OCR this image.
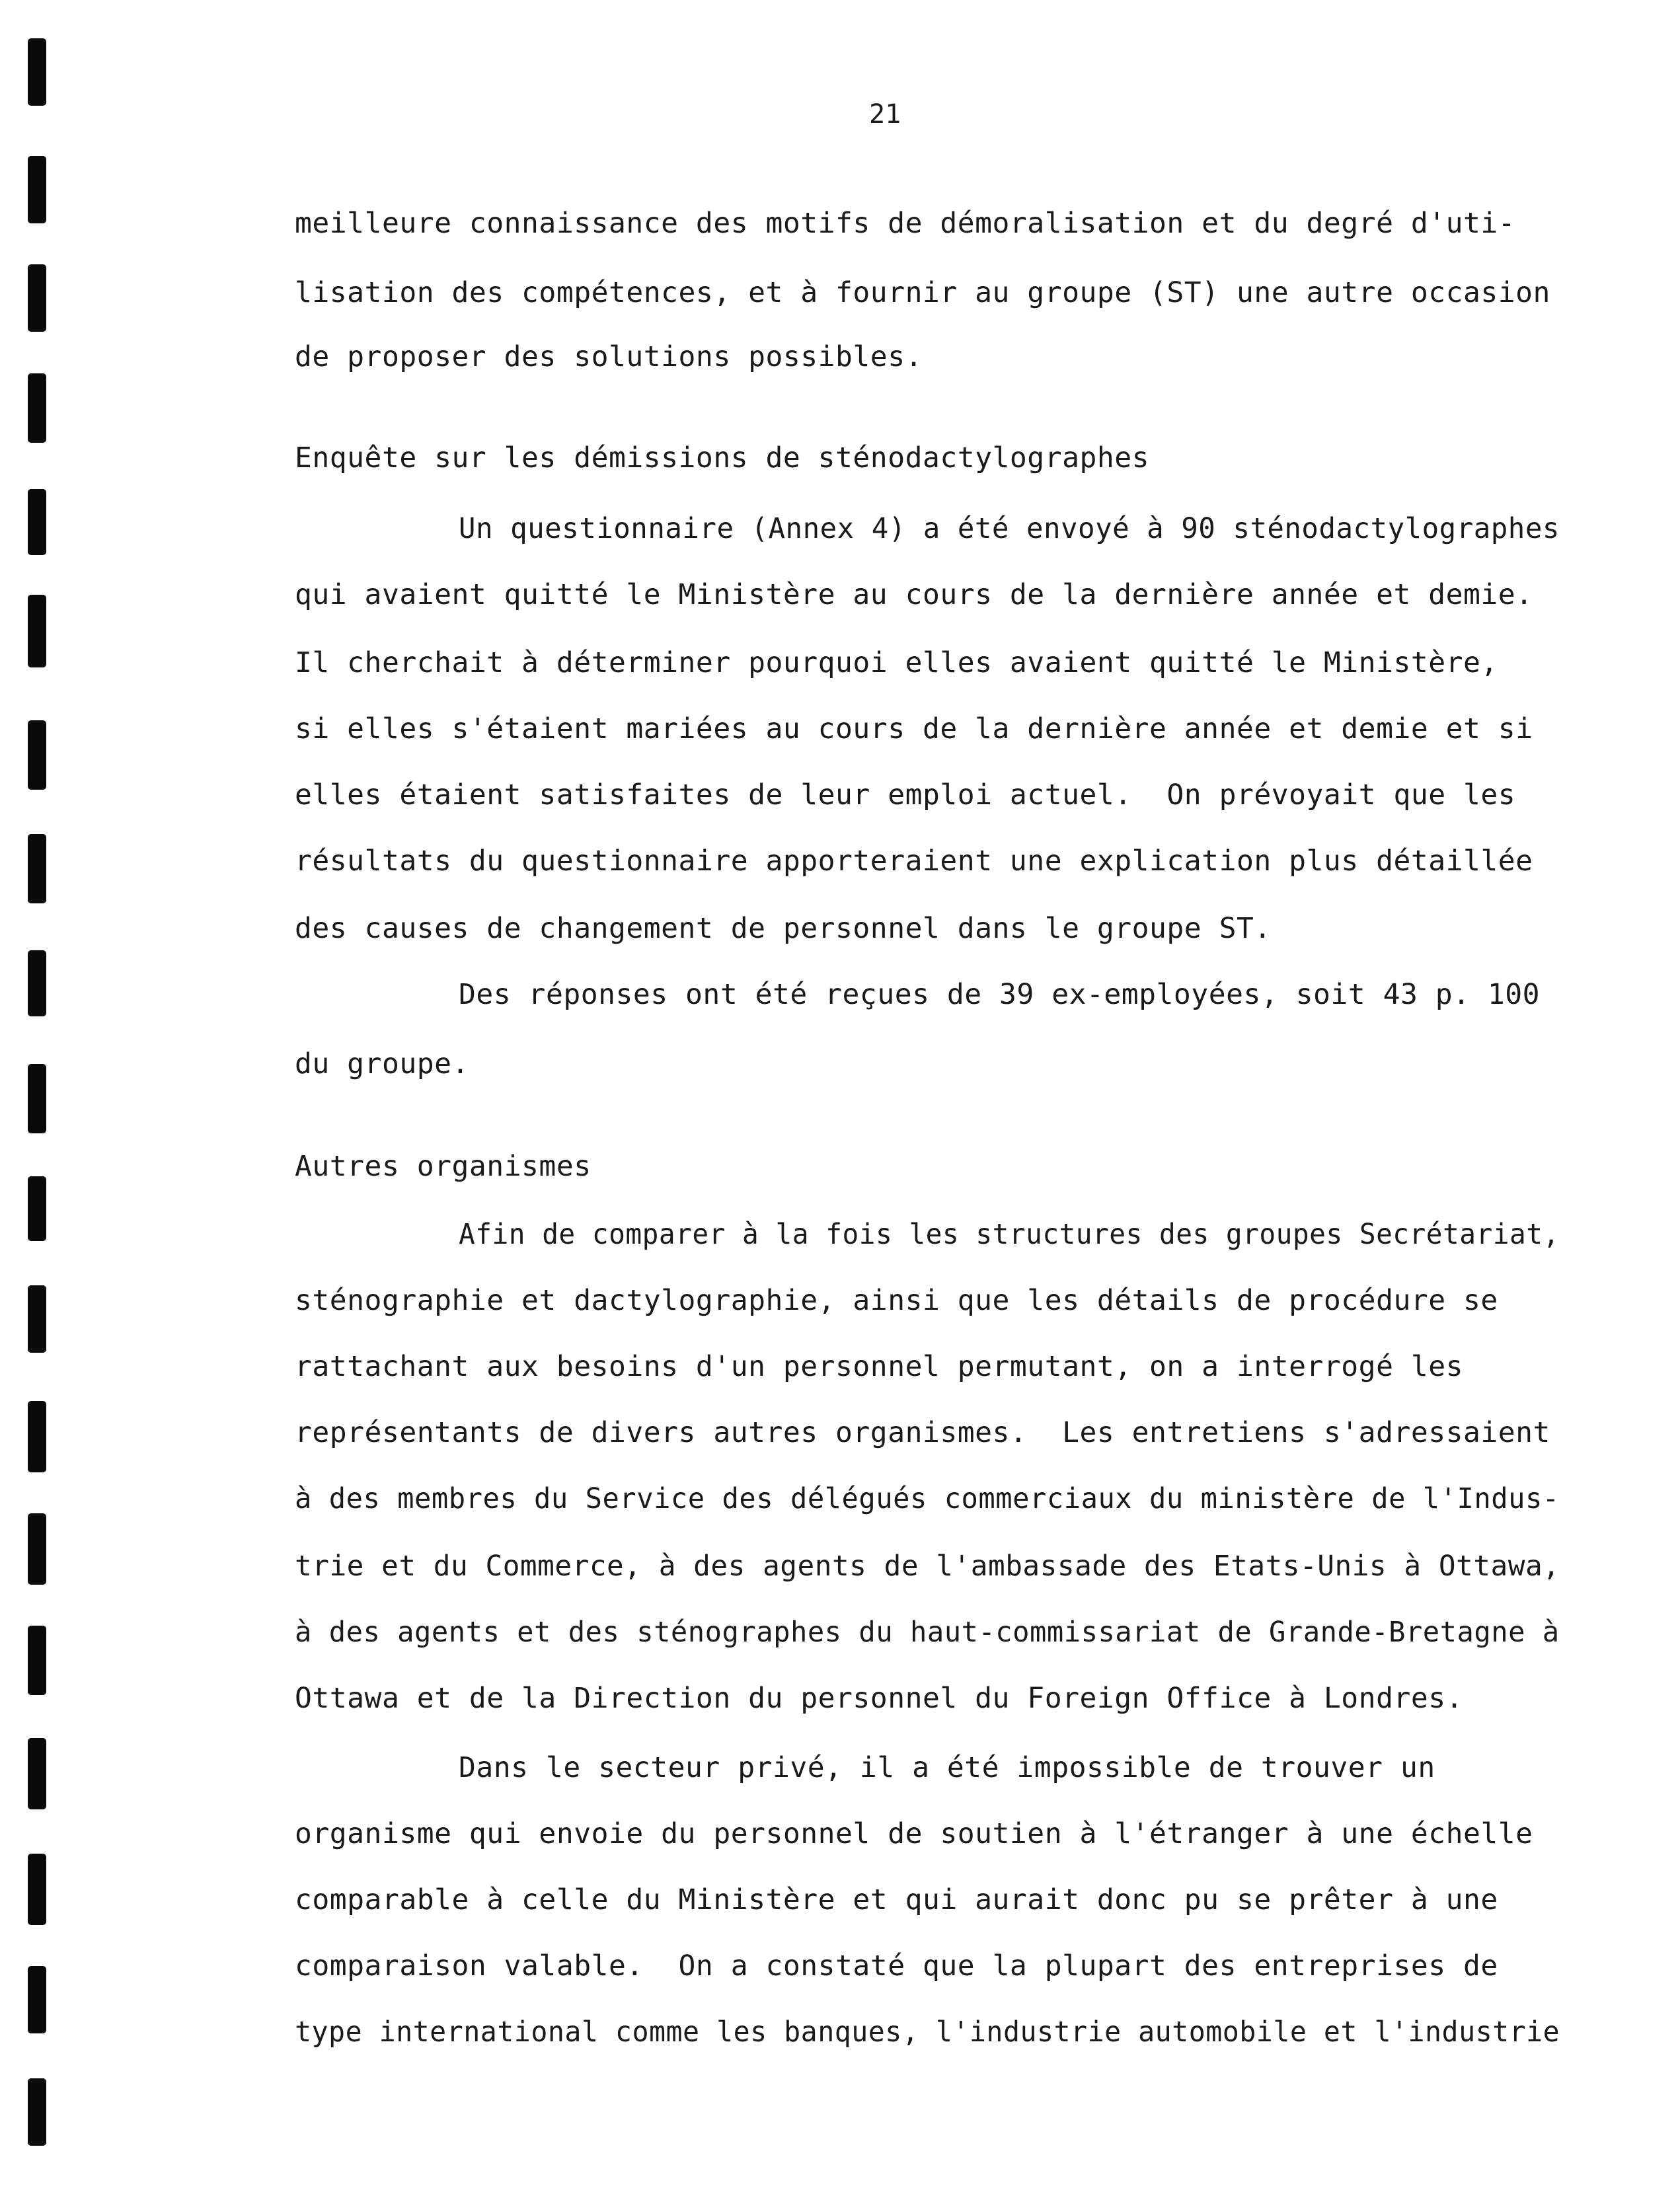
21
meilleure connaissance des motifs de démoralisation et du degré d'uti-
lisation des compétences, et à fournir au groupe (ST) une autre occasion
de proposer des solutions possibles.
Enquête sur les démissions de sténodactylographes
Un questionnaire (Annex 4) a été envoyé à 90 sténodactylographes
qui avaient quitté le Ministère au cours de la dernière année et demie.
Il cherchait à déterminer pourquoi elles avaient quitté le Ministère,
si elles s'étaient mariées au cours de la dernière année et demie et si
elles étaient satisfaites de leur emploi actuel.  On prévoyait que les
résultats du questionnaire apporteraient une explication plus détaillée
des causes de changement de personnel dans le groupe ST.
Des réponses ont été reçues de 39 ex-employées, soit 43 p. 100
du groupe.
Autres organismes
Afin de comparer à la fois les structures des groupes Secrétariat,
sténographie et dactylographie, ainsi que les détails de procédure se
rattachant aux besoins d'un personnel permutant, on a interrogé les
représentants de divers autres organismes.  Les entretiens s'adressaient
à des membres du Service des délégués commerciaux du ministère de l'Indus-
trie et du Commerce, à des agents de l'ambassade des Etats-Unis à Ottawa,
à des agents et des sténographes du haut-commissariat de Grande-Bretagne à
Ottawa et de la Direction du personnel du Foreign Office à Londres.
Dans le secteur privé, il a été impossible de trouver un
organisme qui envoie du personnel de soutien à l'étranger à une échelle
comparable à celle du Ministère et qui aurait donc pu se prêter à une
comparaison valable.  On a constaté que la plupart des entreprises de
type international comme les banques, l'industrie automobile et l'industrie
